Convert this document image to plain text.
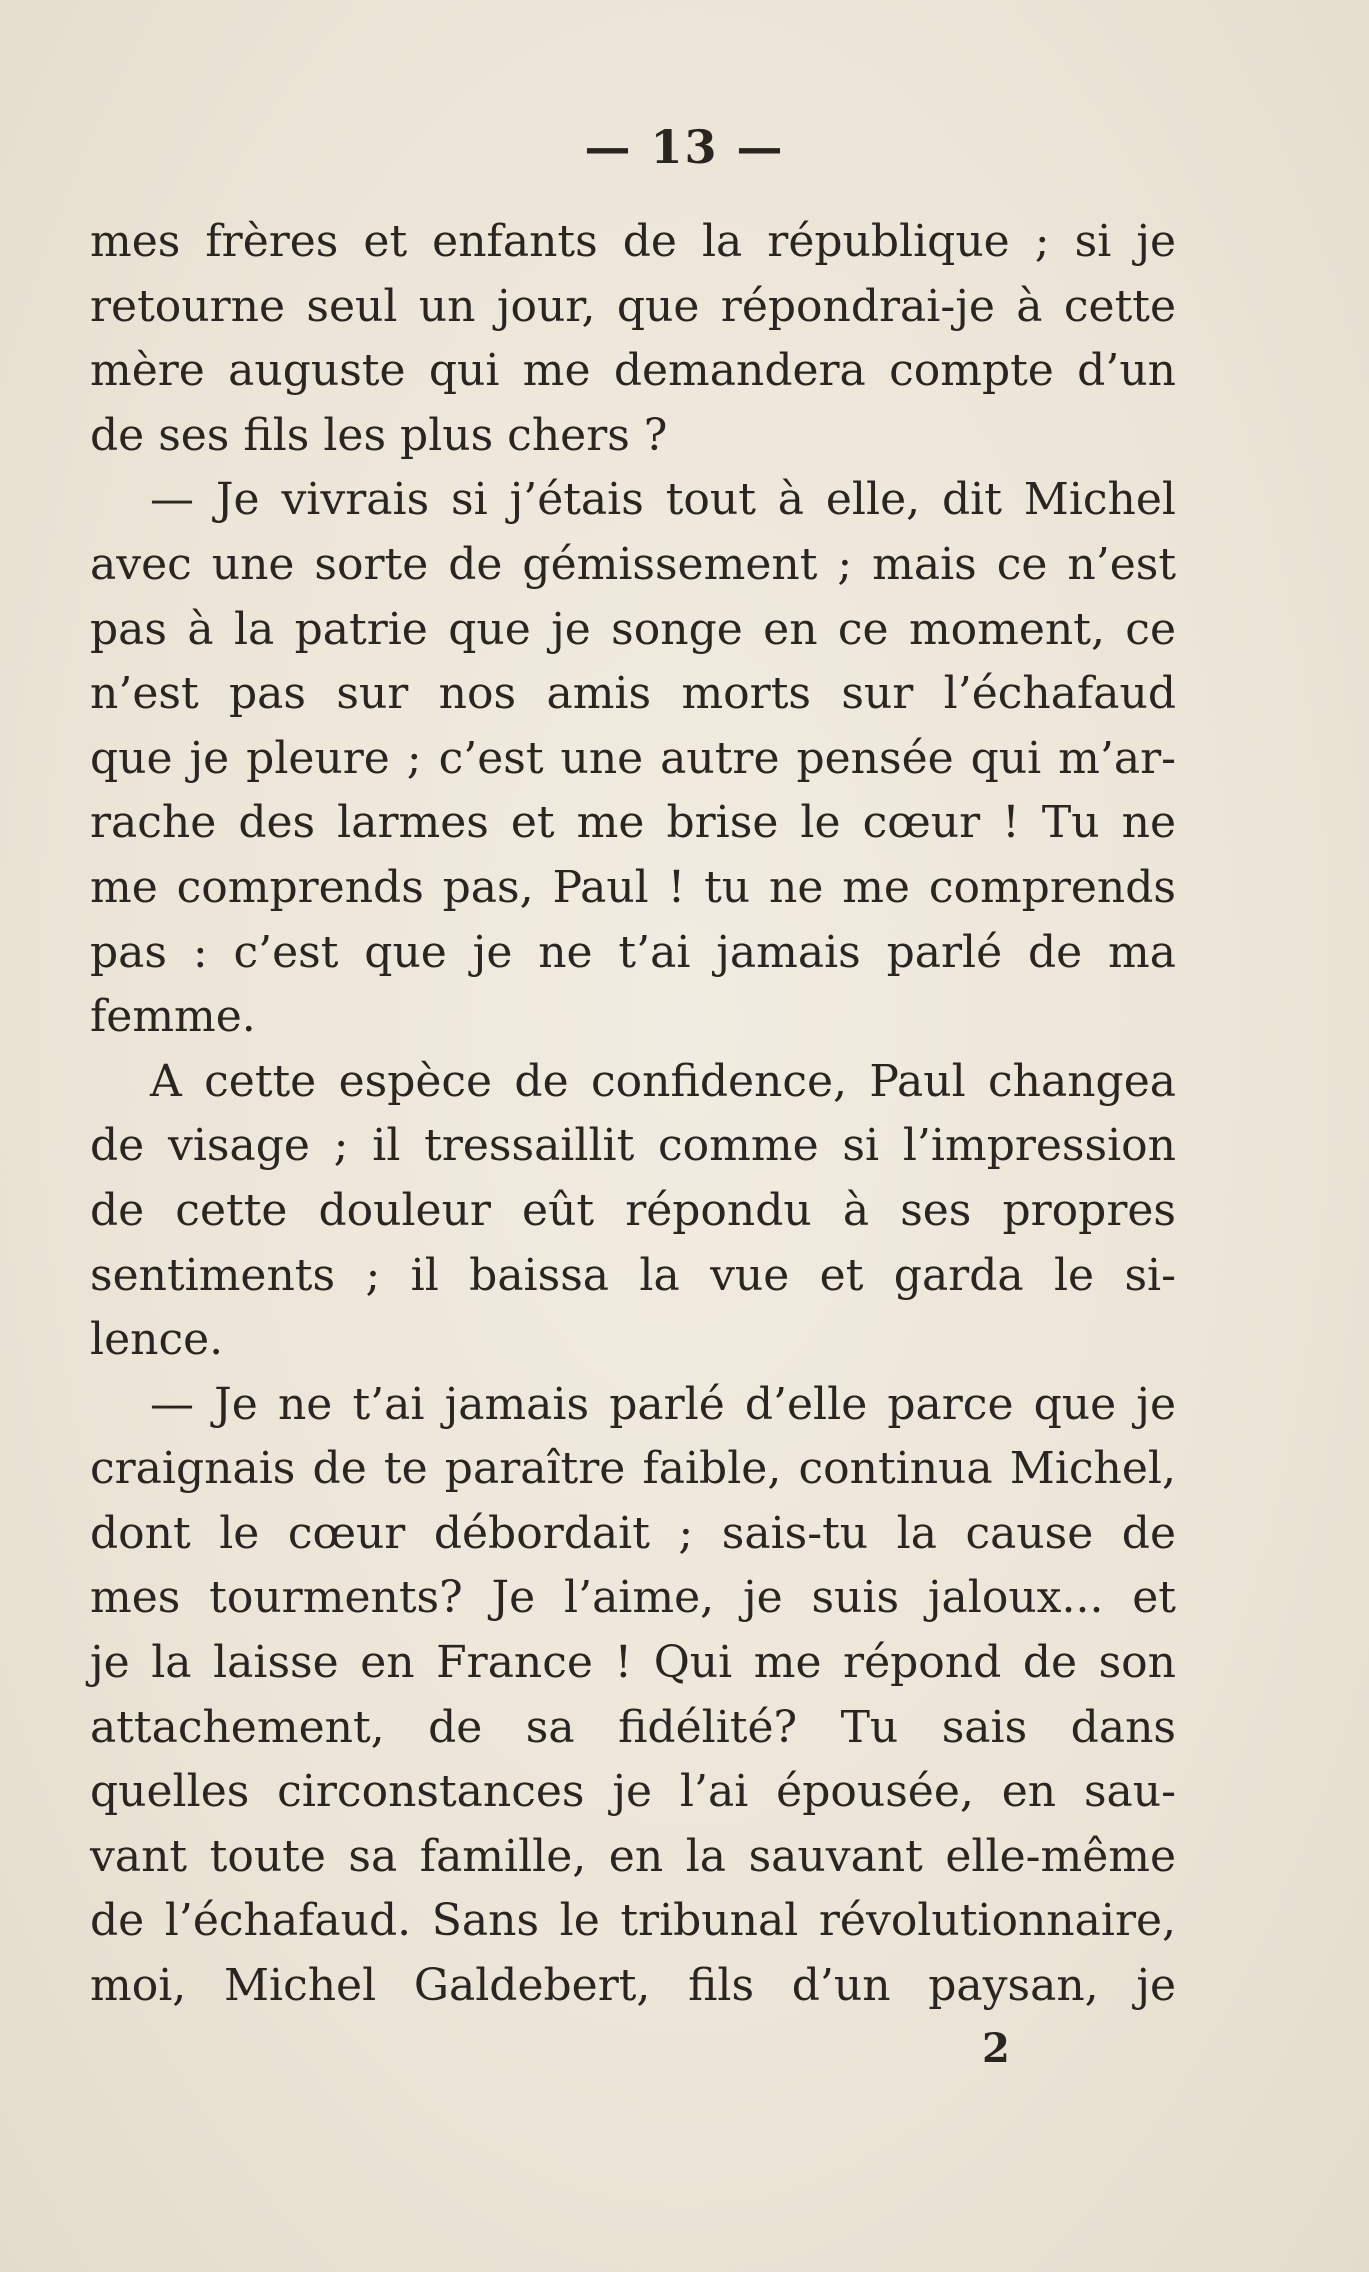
— 13 —
mes frères et enfants de la république ; si je
retourne seul un jour, que répondrai-je à cette
mère auguste qui me demandera compte d’un
de ses fils les plus chers ?
— Je vivrais si j’étais tout à elle, dit Michel
avec une sorte de gémissement ; mais ce n’est
pas à la patrie que je songe en ce moment, ce
n’est pas sur nos amis morts sur l’échafaud
que je pleure ; c’est une autre pensée qui m’ar-
rache des larmes et me brise le cœur ! Tu ne
me comprends pas, Paul ! tu ne me comprends
pas : c’est que je ne t’ai jamais parlé de ma
femme.
A cette espèce de confidence, Paul changea
de visage ; il tressaillit comme si l’impression
de cette douleur eût répondu à ses propres
sentiments ; il baissa la vue et garda le si-
lence.
— Je ne t’ai jamais parlé d’elle parce que je
craignais de te paraître faible, continua Michel,
dont le cœur débordait ; sais-tu la cause de
mes tourments? Je l’aime, je suis jaloux... et
je la laisse en France ! Qui me répond de son
attachement, de sa fidélité? Tu sais dans
quelles circonstances je l’ai épousée, en sau-
vant toute sa famille, en la sauvant elle-même
de l’échafaud. Sans le tribunal révolutionnaire,
moi, Michel Galdebert, fils d’un paysan, je
2
